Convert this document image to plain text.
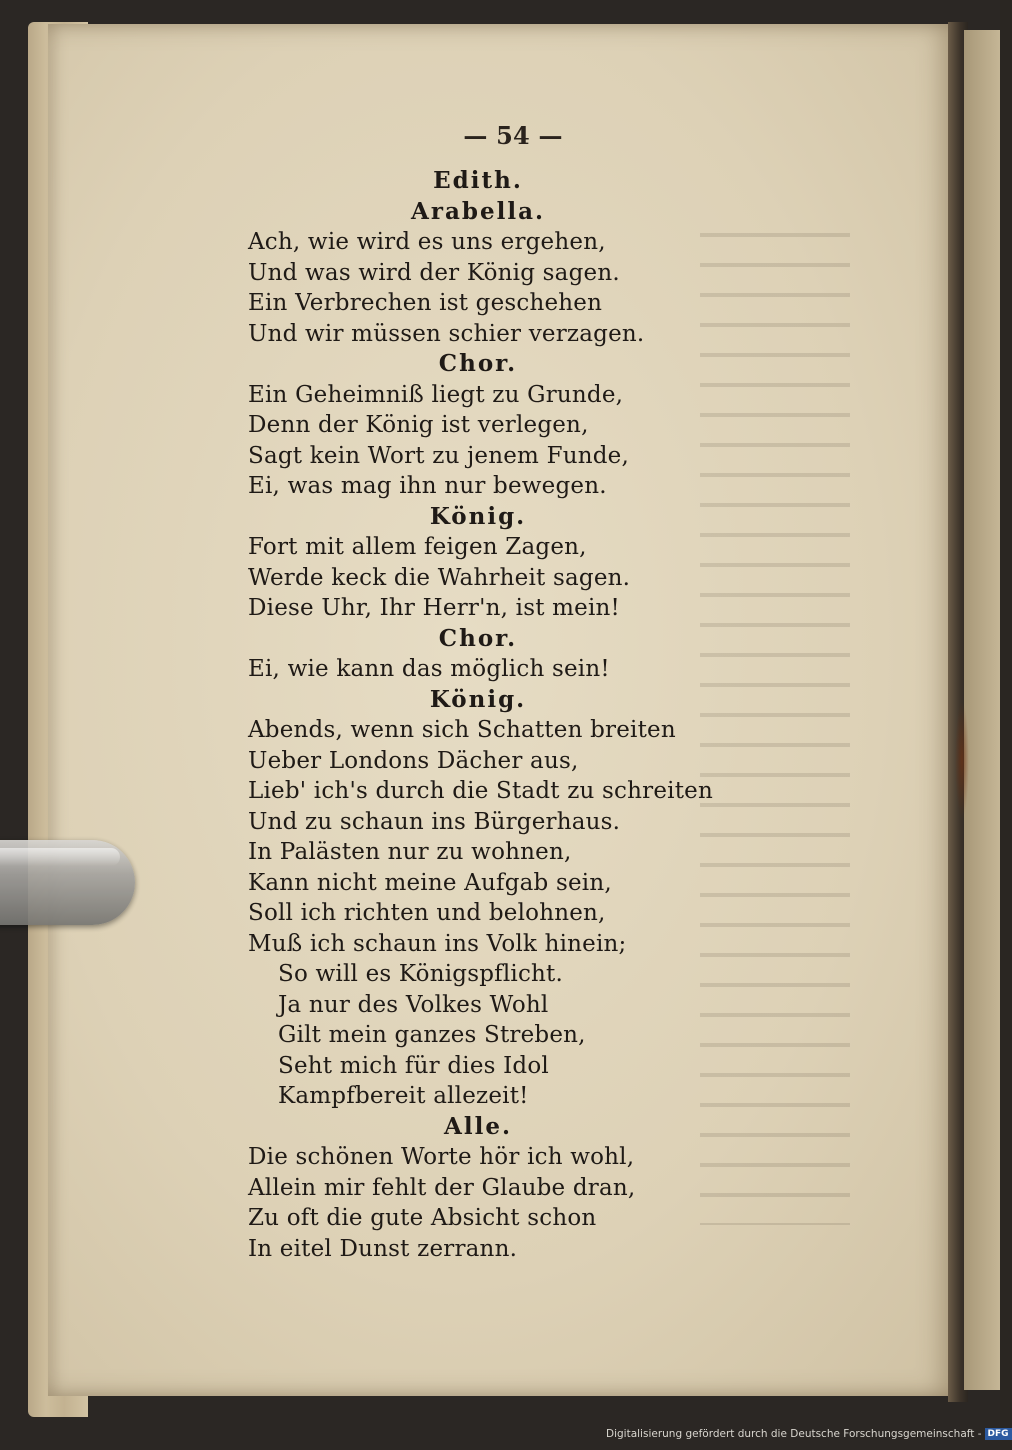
— 54 —
Edith. Arabella.
Ach, wie wird es uns ergehen,
Und was wird der König sagen.
Ein Verbrechen ist geschehen
Und wir müssen schier verzagen.
Chor.
Ein Geheimniß liegt zu Grunde,
Denn der König ist verlegen,
Sagt kein Wort zu jenem Funde,
Ei, was mag ihn nur bewegen.
König.
Fort mit allem feigen Zagen,
Werde keck die Wahrheit sagen.
Diese Uhr, Ihr Herr'n, ist mein!
Chor.
Ei, wie kann das möglich sein!
König.
Abends, wenn sich Schatten breiten
Ueber Londons Dächer aus,
Lieb' ich's durch die Stadt zu schreiten
Und zu schaun ins Bürgerhaus.
In Palästen nur zu wohnen,
Kann nicht meine Aufgab sein,
Soll ich richten und belohnen,
Muß ich schaun ins Volk hinein;
So will es Königspflicht.
Ja nur des Volkes Wohl
Gilt mein ganzes Streben,
Seht mich für dies Idol
Kampfbereit allezeit!
Alle.
Die schönen Worte hör ich wohl,
Allein mir fehlt der Glaube dran,
Zu oft die gute Absicht schon
In eitel Dunst zerrann.
Digitalisierung gefördert durch die Deutsche Forschungsgemeinschaft - DFG
